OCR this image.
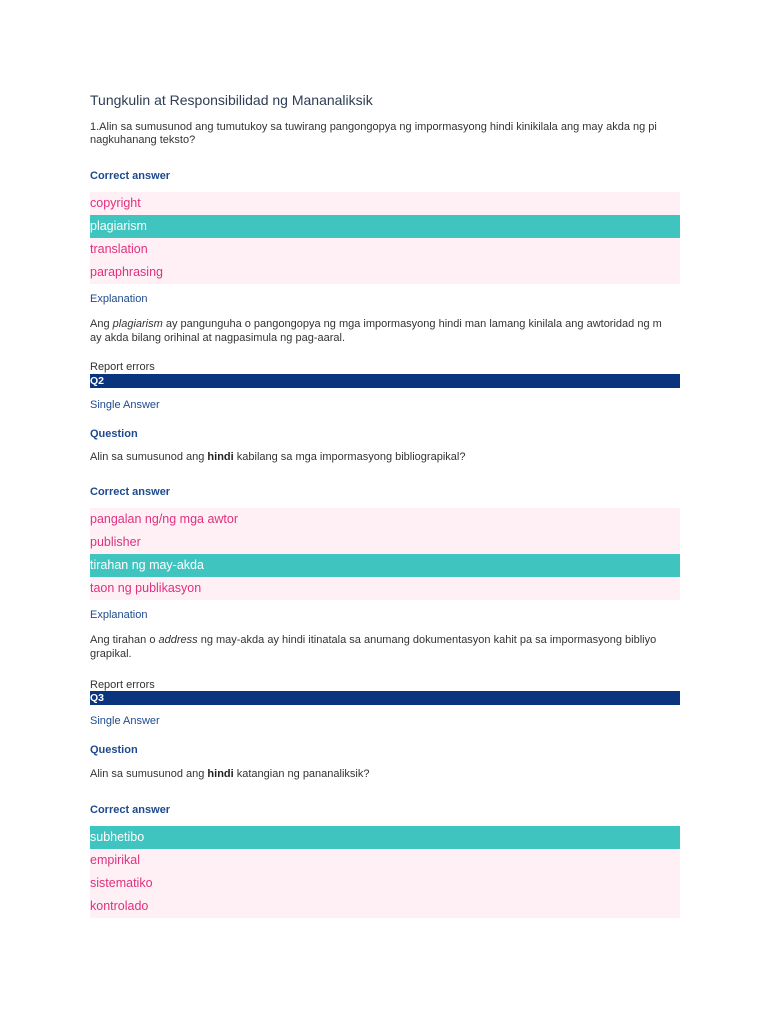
Tungkulin at Responsibilidad ng Mananaliksik
1.Alin sa sumusunod ang tumutukoy sa tuwirang pangongopya ng impormasyong hindi kinikilala ang may akda ng pi
nagkuhanang teksto?
Correct answer
copyright
plagiarism
translation
paraphrasing
Explanation
Ang plagiarism ay pangunguha o pangongopya ng mga impormasyong hindi man lamang kinilala ang awtoridad ng m
ay akda bilang orihinal at nagpasimula ng pag-aaral.
Report errors
Q2
Single Answer
Question
Alin sa sumusunod ang hindi kabilang sa mga impormasyong bibliograpikal?
Correct answer
pangalan ng/ng mga awtor
publisher
tirahan ng may-akda
taon ng publikasyon
Explanation
Ang tirahan o address ng may-akda ay hindi itinatala sa anumang dokumentasyon kahit pa sa impormasyong bibliyo
grapikal.
Report errors
Q3
Single Answer
Question
Alin sa sumusunod ang hindi katangian ng pananaliksik?
Correct answer
subhetibo
empirikal
sistematiko
kontrolado
